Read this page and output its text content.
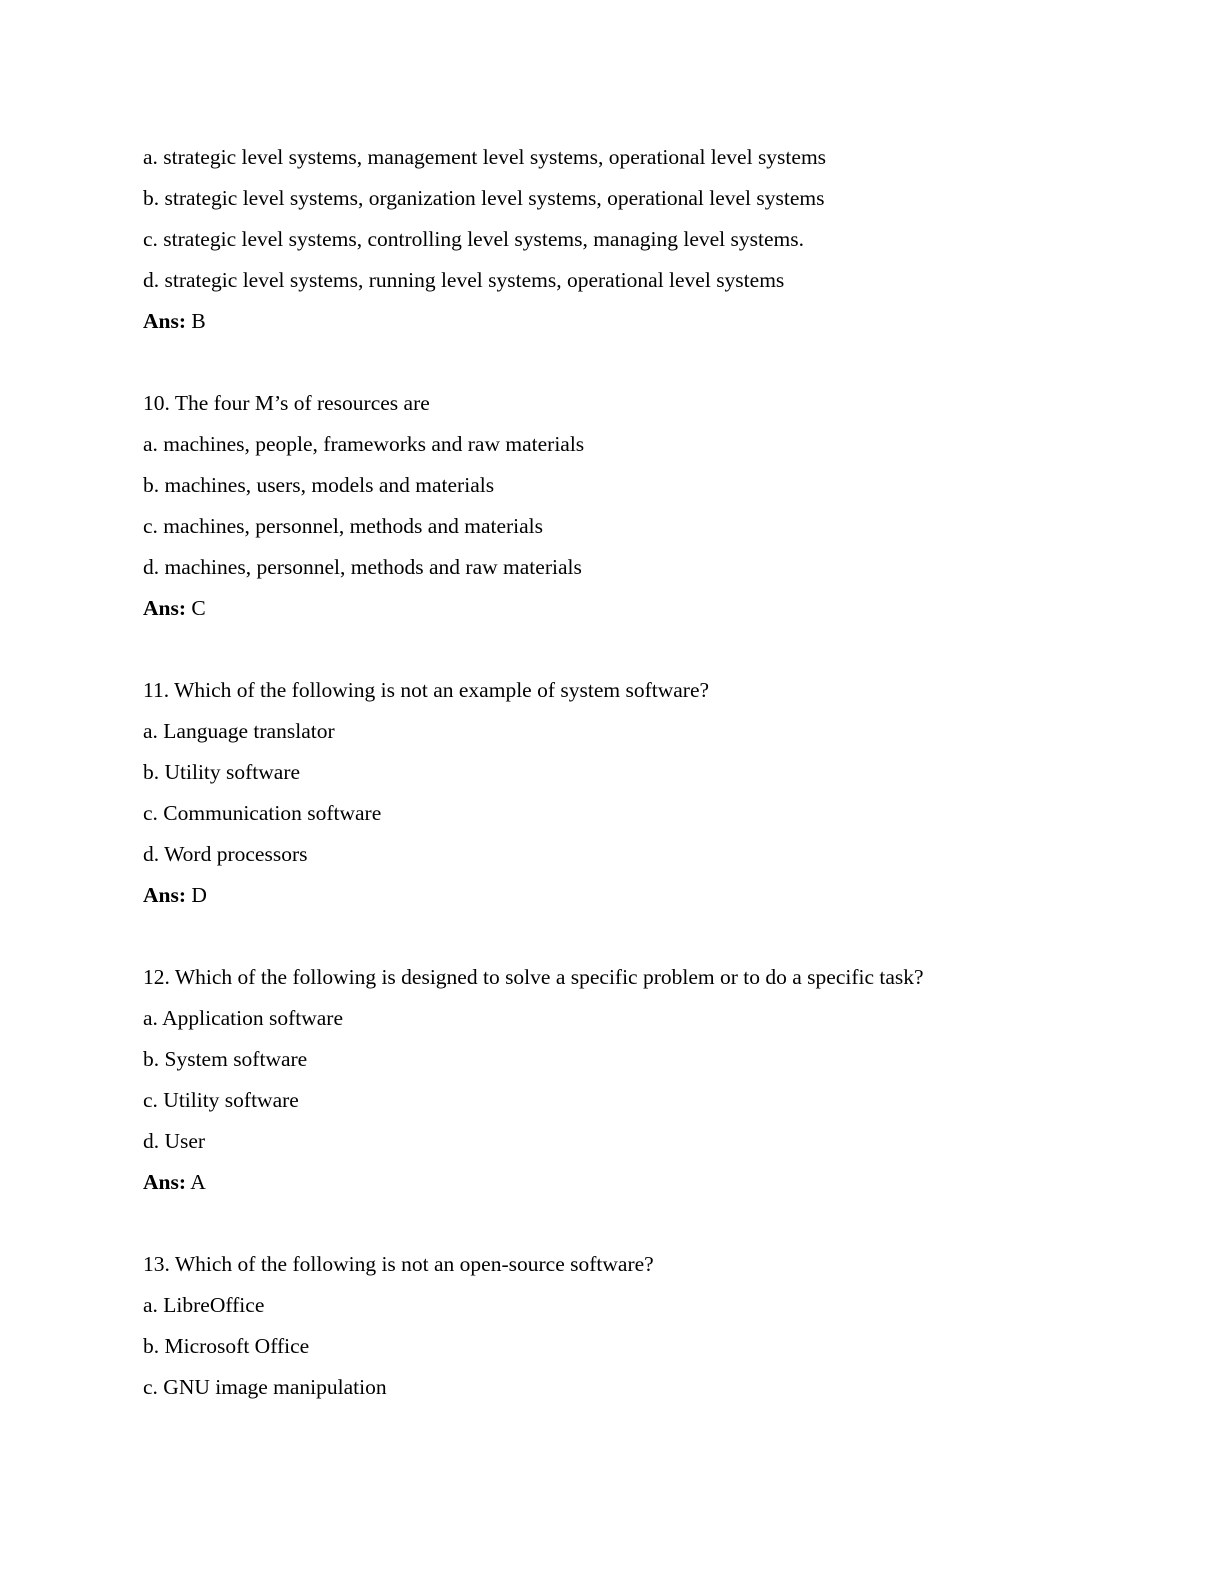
a. strategic level systems, management level systems, operational level systems
b. strategic level systems, organization level systems, operational level systems
c. strategic level systems, controlling level systems, managing level systems.
d. strategic level systems, running level systems, operational level systems
Ans: B
10. The four M’s of resources are
a. machines, people, frameworks and raw materials
b. machines, users, models and materials
c. machines, personnel, methods and materials
d. machines, personnel, methods and raw materials
Ans: C
11. Which of the following is not an example of system software?
a. Language translator
b. Utility software
c. Communication software
d. Word processors
Ans: D
12. Which of the following is designed to solve a specific problem or to do a specific task?
a. Application software
b. System software
c. Utility software
d. User
Ans: A
13. Which of the following is not an open-source software?
a. LibreOffice
b. Microsoft Office
c. GNU image manipulation
